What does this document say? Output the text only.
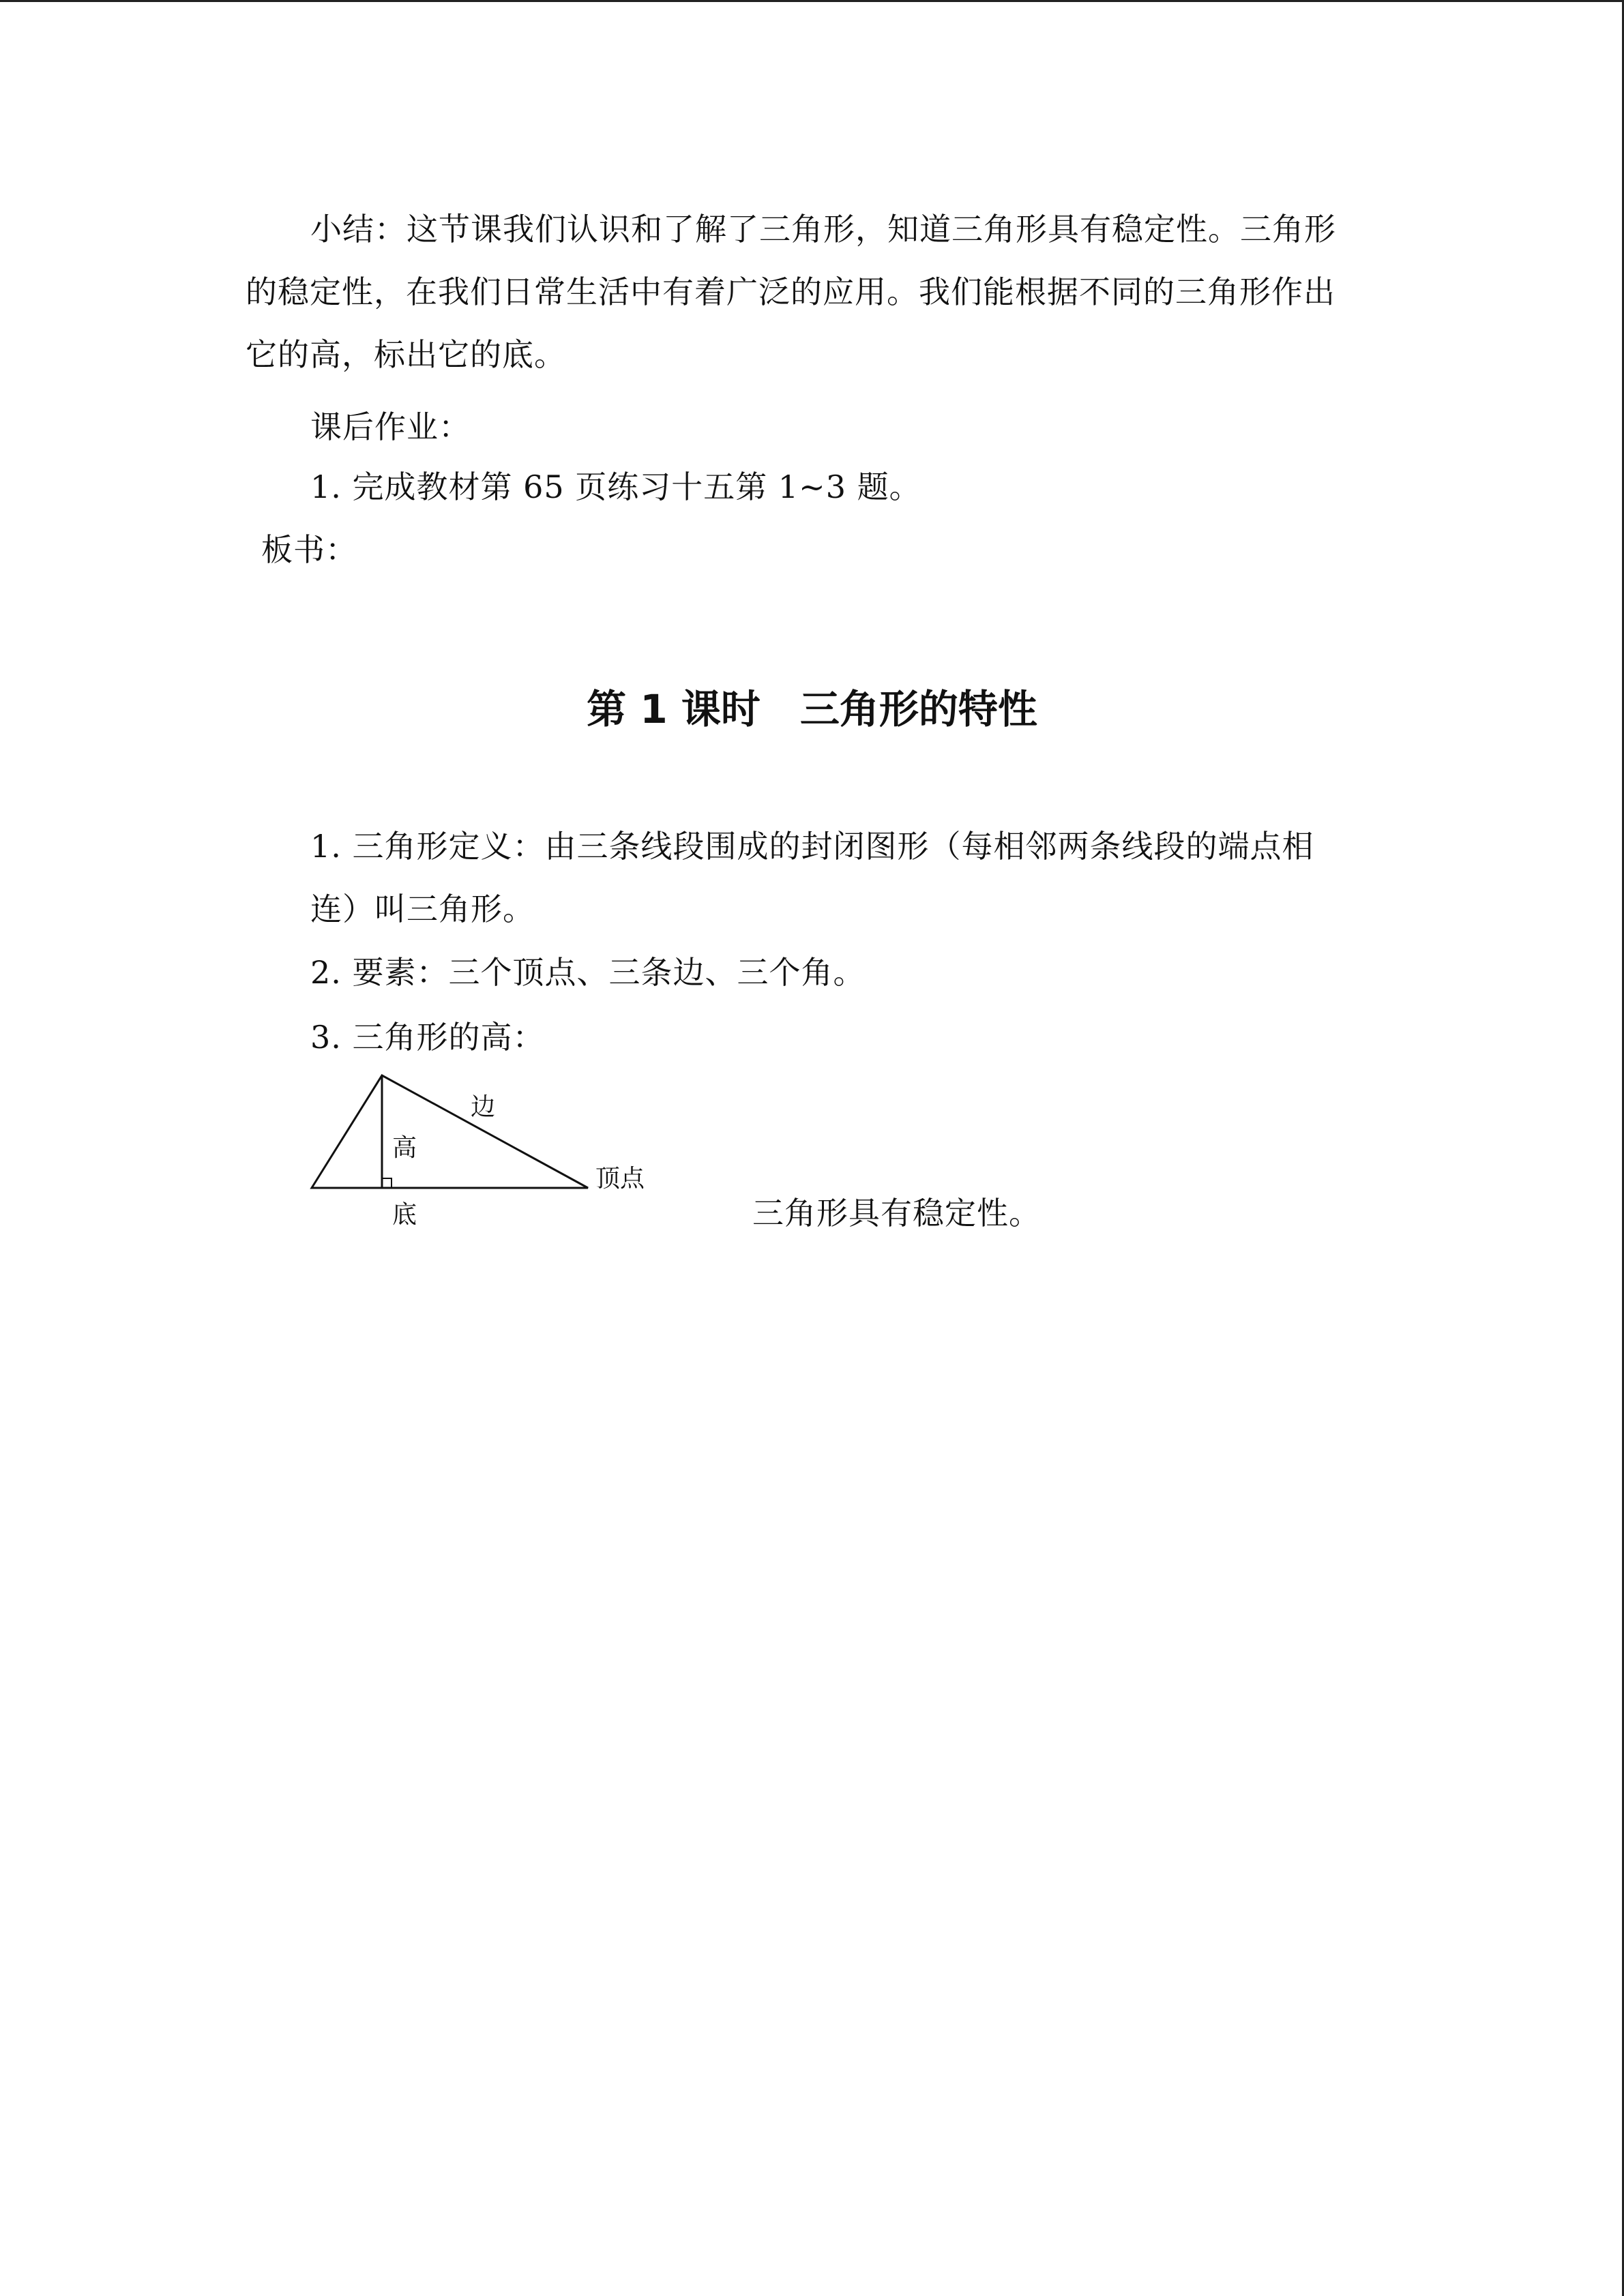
小结：这节课我们认识和了解了三角形，知道三角形具有稳定性。三角形的稳定性，在我们日常生活中有着广泛的应用。我们能根据不同的三角形作出它的高，标出它的底。
课后作业：
1. 完成教材第 65 页练习十五第 1~3 题。
板书：
第 1 课时　三角形的特性
1. 三角形定义：由三条线段围成的封闭图形（每相邻两条线段的端点相
连）叫三角形。
2. 要素：三个顶点、三条边、三个角。
3. 三角形的高：
边
高
顶点
底	三角形具有稳定性。
